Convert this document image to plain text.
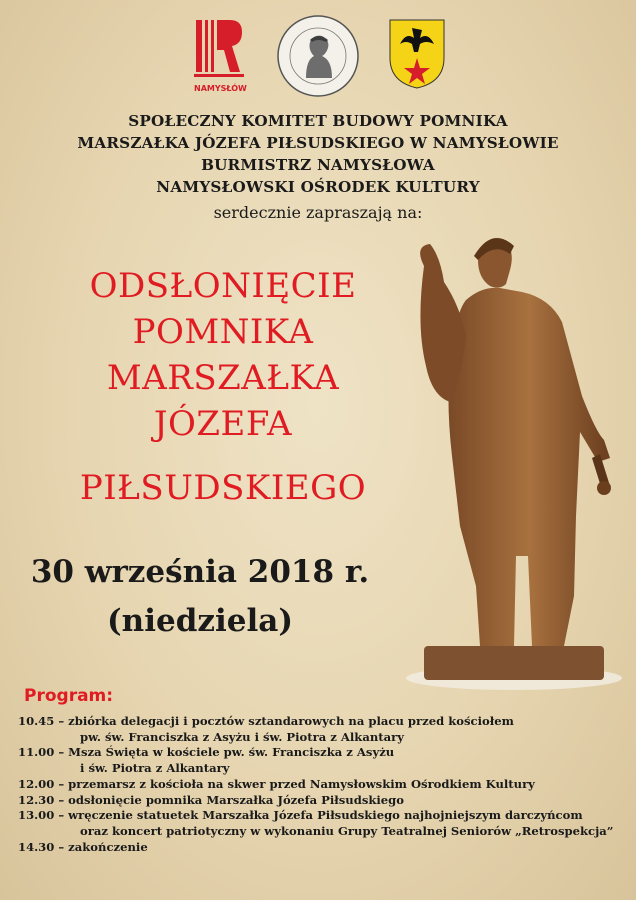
NAMYSŁÓW
SPOŁECZNY KOMITET BUDOWY POMNIKA
MARSZAŁKA JÓZEFA PIŁSUDSKIEGO W NAMYSŁOWIE
BURMISTRZ NAMYSŁOWA
NAMYSŁOWSKI OŚRODEK KULTURY
serdecznie zapraszają na:
ODSŁONIĘCIE
POMNIKA
MARSZAŁKA
JÓZEFA
PIŁSUDSKIEGO
30 września 2018 r.
(niedziela)
Program:
10.45 – zbiórka delegacji i pocztów sztandarowych na placu przed kościołem
pw. św. Franciszka z Asyżu i św. Piotra z Alkantary
11.00 – Msza Święta w kościele pw. św. Franciszka z Asyżu
i św. Piotra z Alkantary
12.00 – przemarsz z kościoła na skwer przed Namysłowskim Ośrodkiem Kultury
12.30 – odsłonięcie pomnika Marszałka Józefa Piłsudskiego
13.00 – wręczenie statuetek Marszałka Józefa Piłsudskiego najhojniejszym darczyńcom
oraz koncert patriotyczny w wykonaniu Grupy Teatralnej Seniorów „Retrospekcja”
14.30 – zakończenie
